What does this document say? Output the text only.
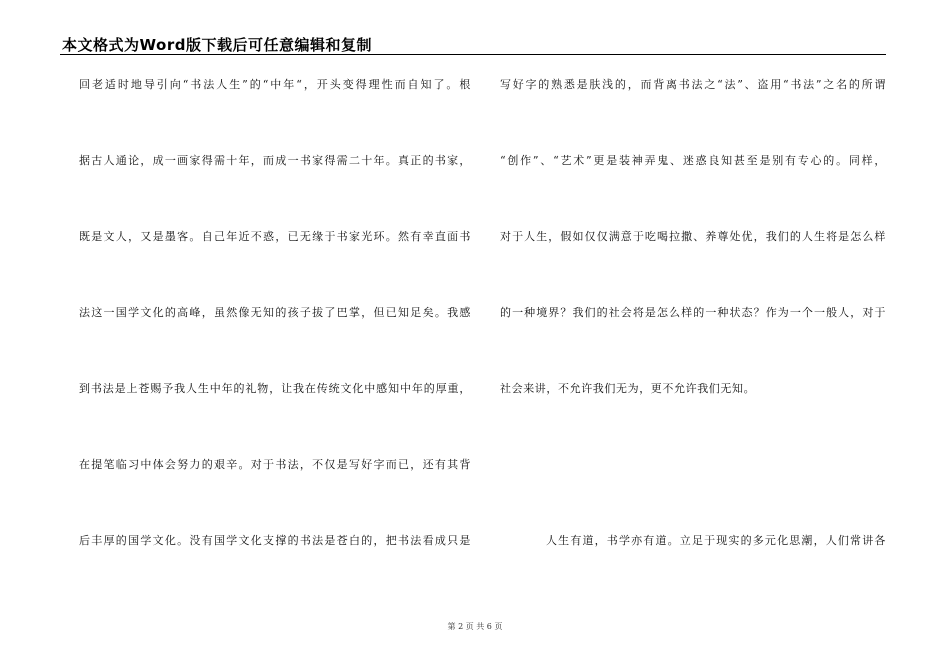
本文格式为Word版下载后可任意编辑和复制
回老适时地导引向“书法人生”的“中年“，开头变得理性而自知了。根
据古人通论，成一画家得需十年，而成一书家得需二十年。真正的书家，
既是文人，又是墨客。自己年近不惑，已无缘于书家光环。然有幸直面书
法这一国学文化的高峰，虽然像无知的孩子拔了巴掌，但已知足矣。我感
到书法是上苍赐予我人生中年的礼物，让我在传统文化中感知中年的厚重，
在提笔临习中体会努力的艰辛。对于书法，不仅是写好字而已，还有其背
后丰厚的国学文化。没有国学文化支撑的书法是苍白的，把书法看成只是
写好字的熟悉是肤浅的，而背离书法之“法”、盗用“书法”之名的所谓
“创作”、“艺术”更是装神弄鬼、迷惑良知甚至是别有专心的。同样，
对于人生，假如仅仅满意于吃喝拉撒、养尊处优，我们的人生将是怎么样
的一种境界？我们的社会将是怎么样的一种状态？作为一个一般人，对于
社会来讲，不允许我们无为，更不允许我们无知。
人生有道，书学亦有道。立足于现实的多元化思潮，人们常讲各
第 2 页 共 6 页
